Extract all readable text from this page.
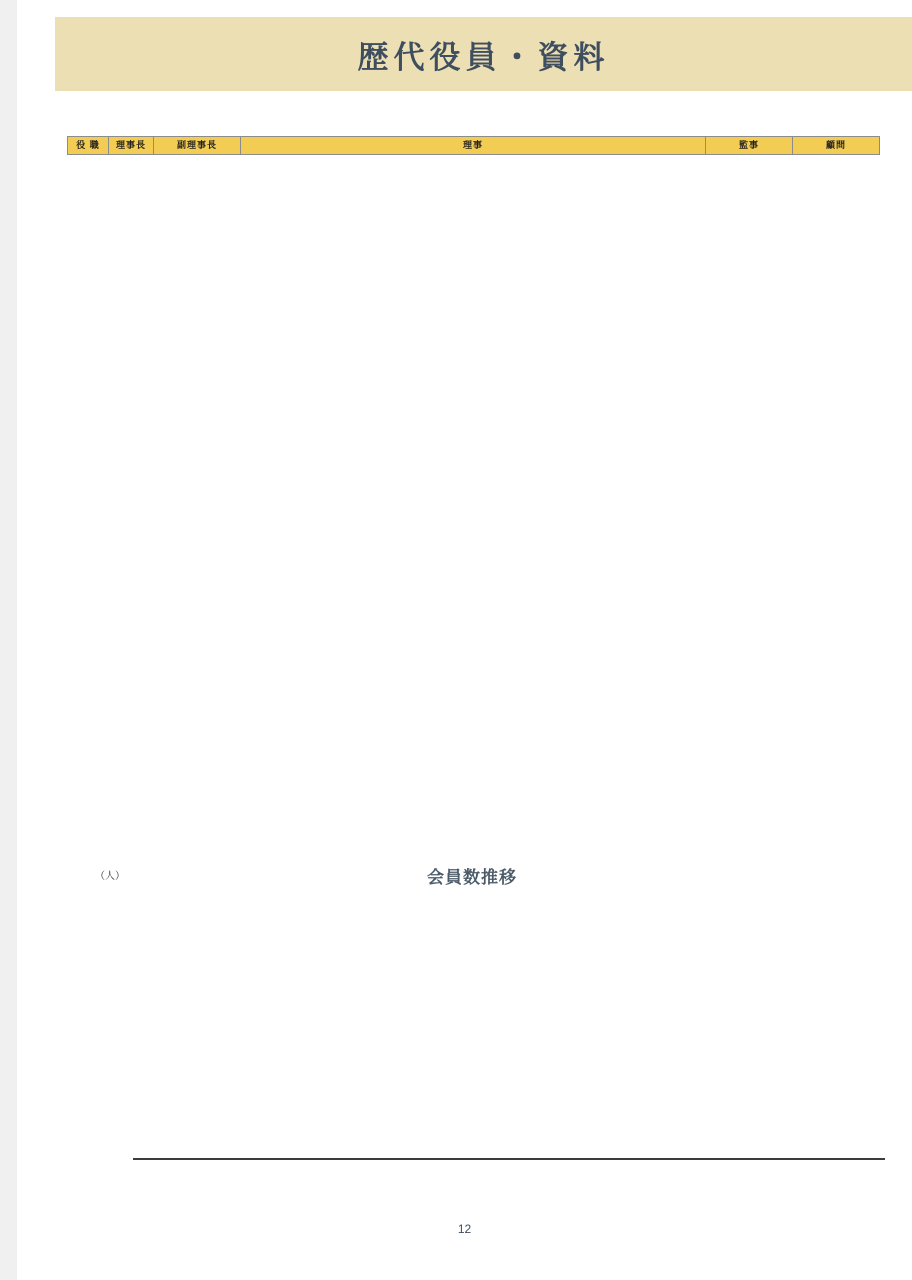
歴代役員・資料
役 職	理事長	副理事長	理事	監事	顧問
会員数推移
（人）
12
